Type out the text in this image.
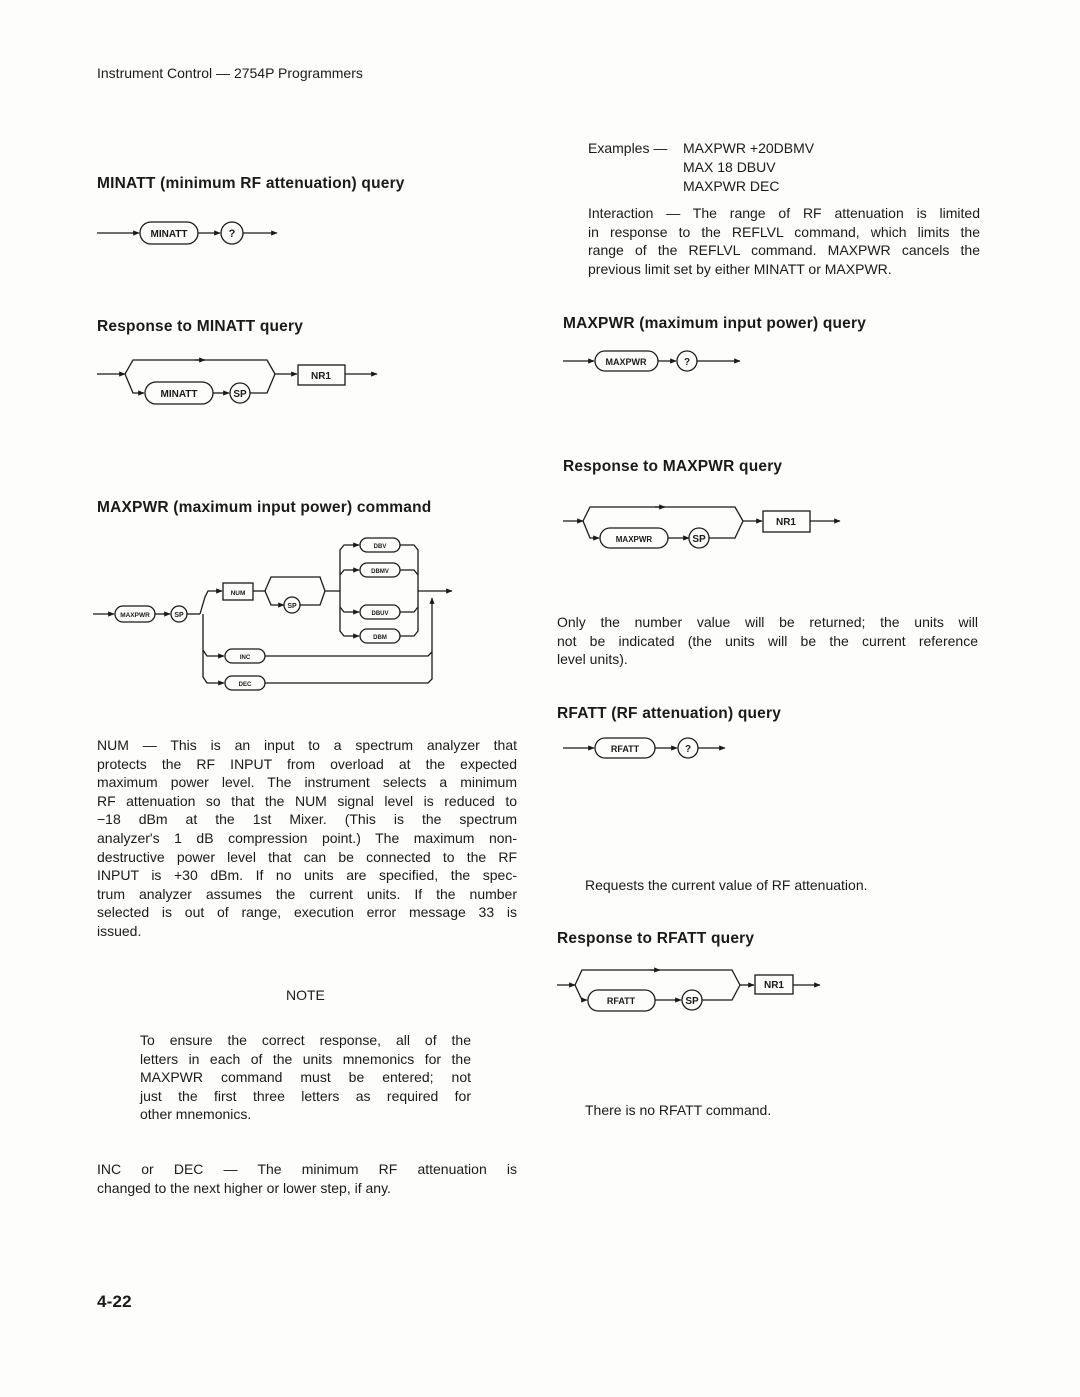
Instrument Control — 2754P Programmers
MINATT (minimum RF attenuation) query
Response to MINATT query
MAXPWR (maximum input power) command
NUM — This is an input to a spectrum analyzer that
protects the RF INPUT from overload at the expected
maximum power level. The instrument selects a minimum
RF attenuation so that the NUM signal level is reduced to
−18 dBm at the 1st Mixer. (This is the spectrum
analyzer's 1 dB compression point.) The maximum non-
destructive power level that can be connected to the RF
INPUT is +30 dBm. If no units are specified, the spec-
trum analyzer assumes the current units. If the number
selected is out of range, execution error message 33 is
issued.
NOTE
To ensure the correct response, all of the
letters in each of the units mnemonics for the
MAXPWR command must be entered; not
just the first three letters as required for
other mnemonics.
INC or DEC — The minimum RF attenuation is
changed to the next higher or lower step, if any.
4-22
Examples — MAXPWR +20DBMV
MAX 18 DBUV
MAXPWR DEC
Interaction — The range of RF attenuation is limited
in response to the REFLVL command, which limits the
range of the REFLVL command. MAXPWR cancels the
previous limit set by either MINATT or MAXPWR.
MAXPWR (maximum input power) query
Response to MAXPWR query
Only the number value will be returned; the units will
not be indicated (the units will be the current reference
level units).
RFATT (RF attenuation) query
Requests the current value of RF attenuation.
Response to RFATT query
There is no RFATT command.
MINATT	?
MINATT	SP
NR1
MAXPWR	SP
NUM
SP
DBV
DBMV
DBUV
DBM
INC
DEC
MAXPWR	?
MAXPWR	SP
NR1
RFATT	?
RFATT	SP
NR1
